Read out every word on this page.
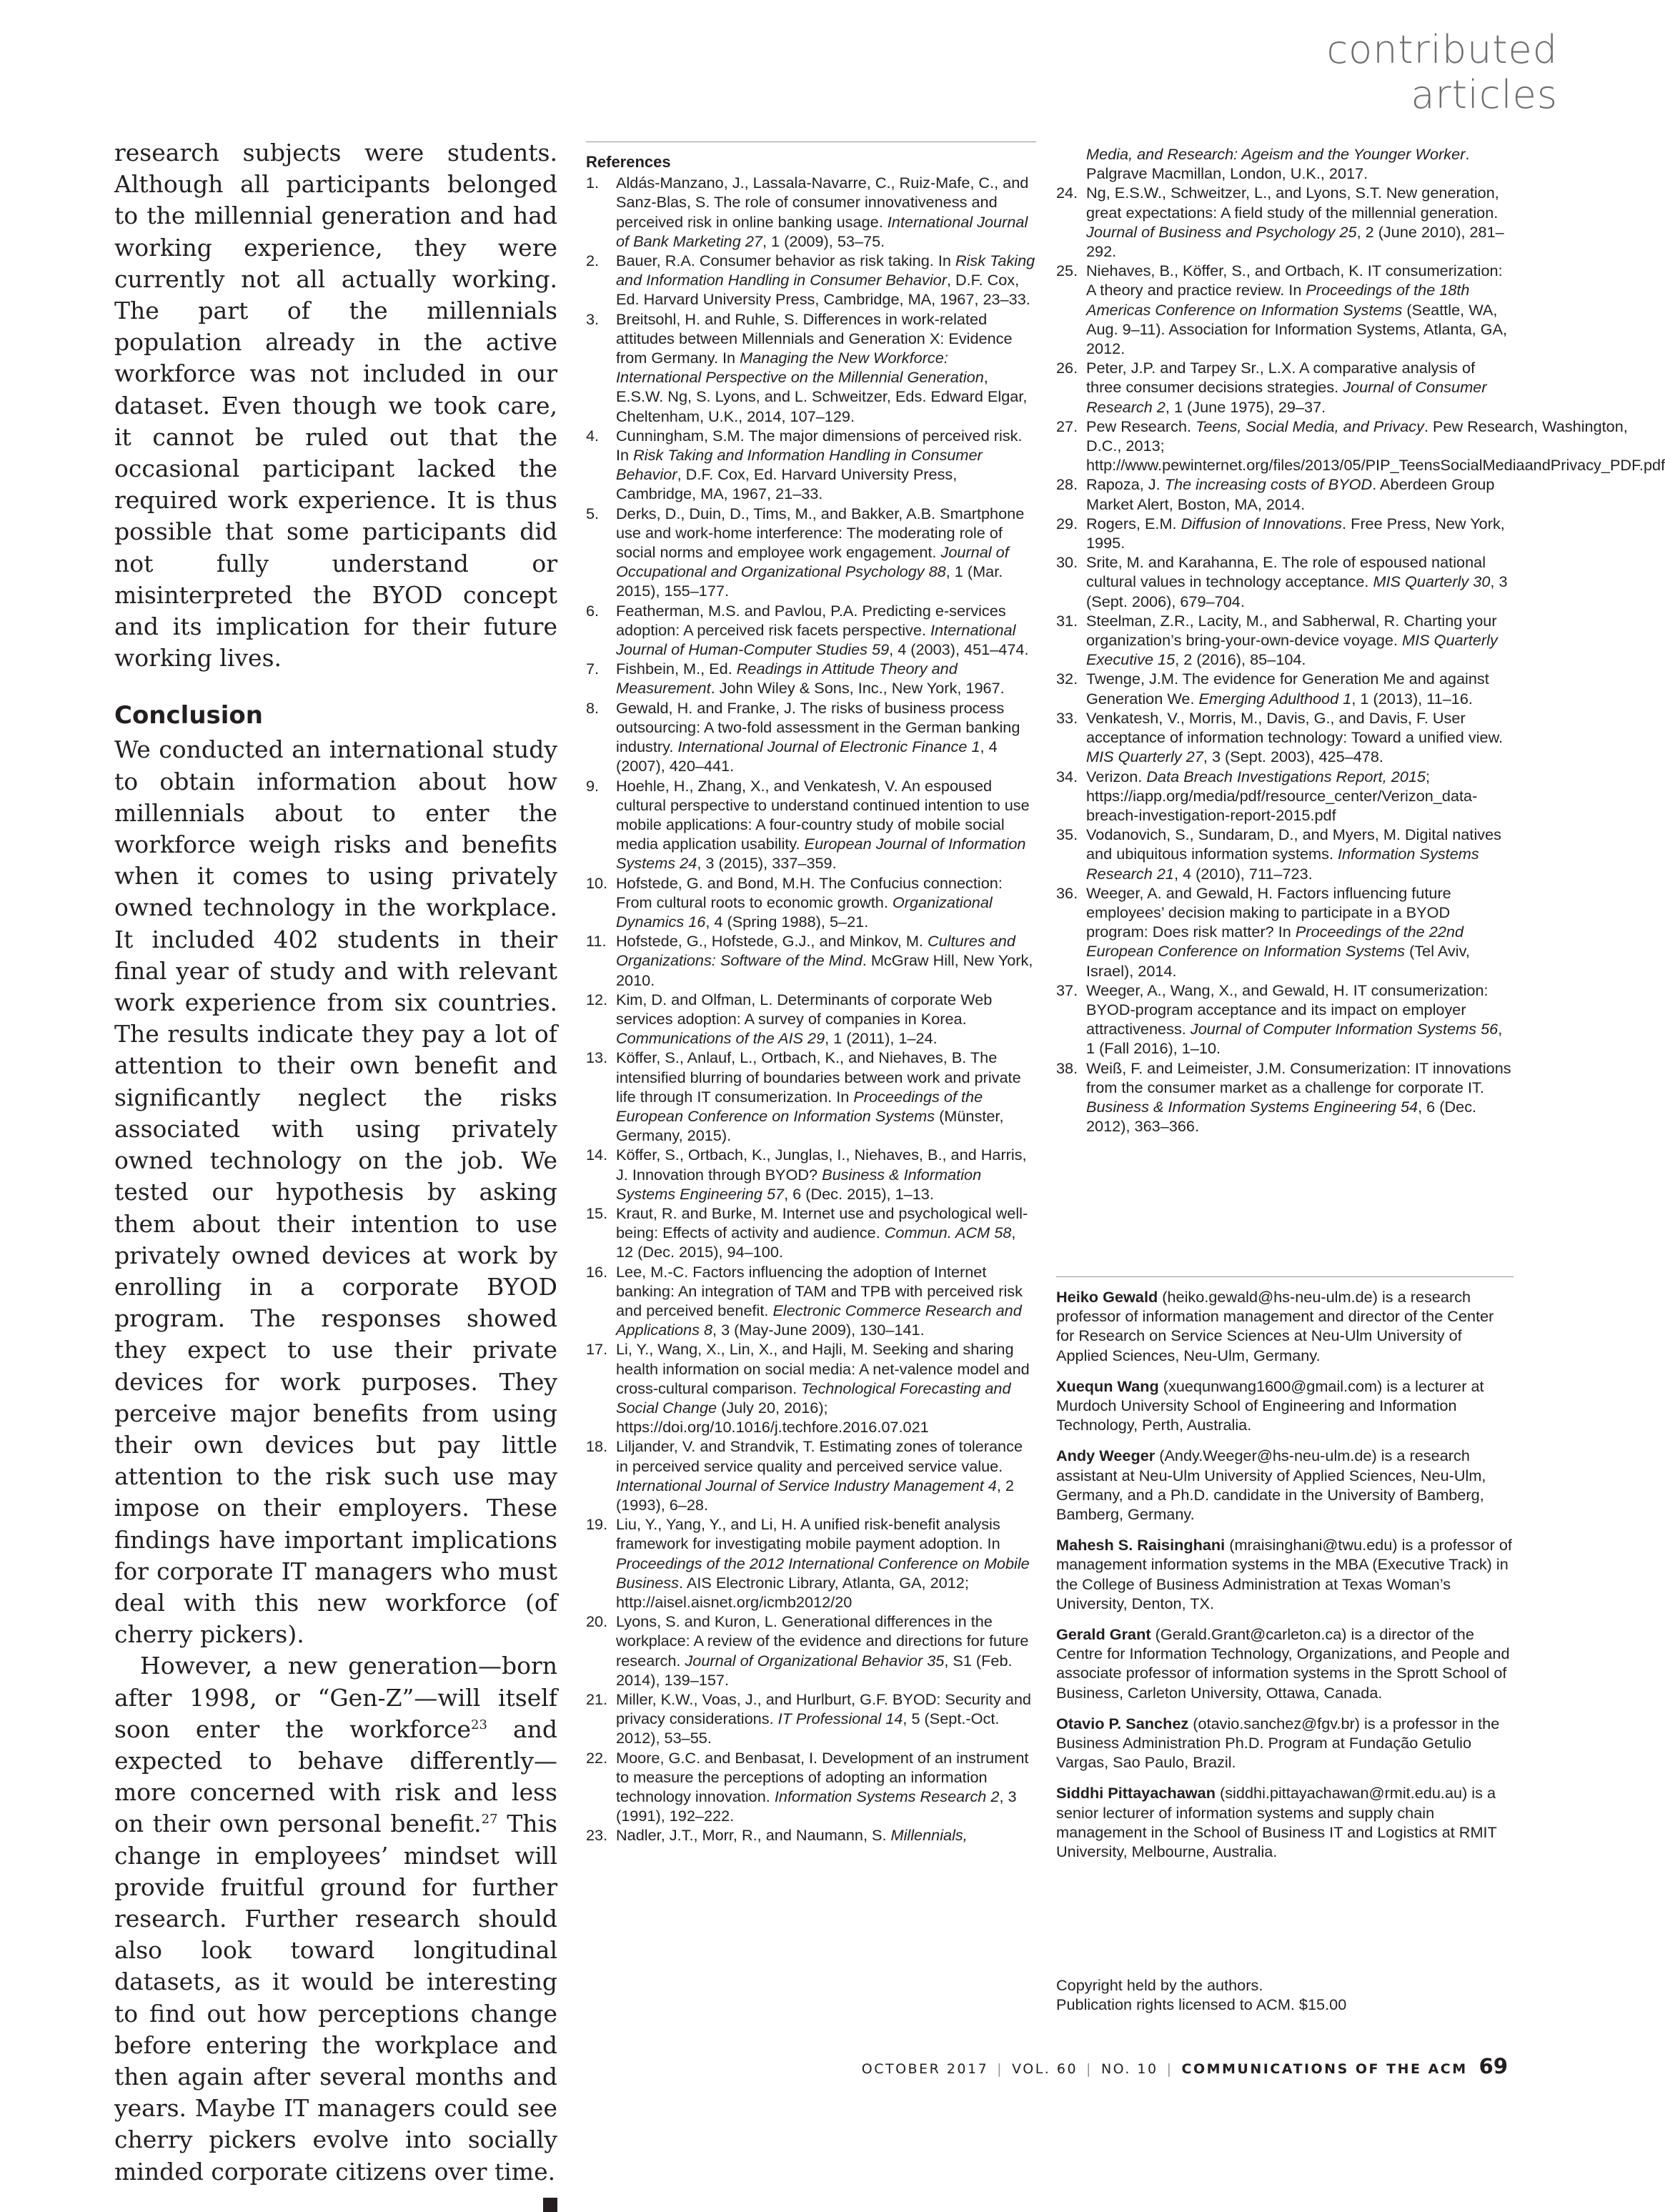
contributed articles

research subjects were students. Although all participants belonged to the millennial generation and had working experience, they were currently not all actually working. The part of the millennials population already in the active workforce was not included in our dataset. Even though we took care, it cannot be ruled out that the occasional participant lacked the required work experience. It is thus possible that some participants did not fully understand or misinterpreted the BYOD concept and its implication for their future working lives.

Conclusion

We conducted an international study to obtain information about how millennials about to enter the workforce weigh risks and benefits when it comes to using privately owned technology in the workplace. It included 402 students in their final year of study and with relevant work experience from six countries. The results indicate they pay a lot of attention to their own benefit and significantly neglect the risks associated with using privately owned technology on the job. We tested our hypothesis by asking them about their intention to use privately owned devices at work by enrolling in a corporate BYOD program. The responses showed they expect to use their private devices for work purposes. They perceive major benefits from using their own devices but pay little attention to the risk such use may impose on their employers. These findings have important implications for corporate IT managers who must deal with this new workforce (of cherry pickers).

However, a new generation—born after 1998, or “Gen-Z”—will itself soon enter the workforce$^{23}$ and expected to behave differently—more concerned with risk and less on their own personal benefit.$^{27}$ This change in employees’ mindset will provide fruitful ground for further research. Further research should also look toward longitudinal datasets, as it would be interesting to find out how perceptions change before entering the workplace and then again after several months and years. Maybe IT managers could see cherry pickers evolve into socially minded corporate citizens over time.
C

References
1.	Aldás-Manzano, J., Lassala-Navarre, C., Ruiz-Mafe, C., and Sanz-Blas, S. The role of consumer innovativeness and perceived risk in online banking usage. International Journal of Bank Marketing 27, 1 (2009), 53–75.
2.	Bauer, R.A. Consumer behavior as risk taking. In Risk Taking and Information Handling in Consumer Behavior, D.F. Cox, Ed. Harvard University Press, Cambridge, MA, 1967, 23–33.
3.	Breitsohl, H. and Ruhle, S. Differences in work-related attitudes between Millennials and Generation X: Evidence from Germany. In Managing the New Workforce: International Perspective on the Millennial Generation, E.S.W. Ng, S. Lyons, and L. Schweitzer, Eds. Edward Elgar, Cheltenham, U.K., 2014, 107–129.
4.	Cunningham, S.M. The major dimensions of perceived risk. In Risk Taking and Information Handling in Consumer Behavior, D.F. Cox, Ed. Harvard University Press, Cambridge, MA, 1967, 21–33.
5.	Derks, D., Duin, D., Tims, M., and Bakker, A.B. Smartphone use and work-home interference: The moderating role of social norms and employee work engagement. Journal of Occupational and Organizational Psychology 88, 1 (Mar. 2015), 155–177.
6.	Featherman, M.S. and Pavlou, P.A. Predicting e-services adoption: A perceived risk facets perspective. International Journal of Human-Computer Studies 59, 4 (2003), 451–474.
7.	Fishbein, M., Ed. Readings in Attitude Theory and Measurement. John Wiley & Sons, Inc., New York, 1967.
8.	Gewald, H. and Franke, J. The risks of business process outsourcing: A two-fold assessment in the German banking industry. International Journal of Electronic Finance 1, 4 (2007), 420–441.
9.	Hoehle, H., Zhang, X., and Venkatesh, V. An espoused cultural perspective to understand continued intention to use mobile applications: A four-country study of mobile social media application usability. European Journal of Information Systems 24, 3 (2015), 337–359.
10. Hofstede, G. and Bond, M.H. The Confucius connection: From cultural roots to economic growth. Organizational Dynamics 16, 4 (Spring 1988), 5–21.
11. Hofstede, G., Hofstede, G.J., and Minkov, M. Cultures and Organizations: Software of the Mind. McGraw Hill, New York, 2010.
12. Kim, D. and Olfman, L. Determinants of corporate Web services adoption: A survey of companies in Korea. Communications of the AIS 29, 1 (2011), 1–24.
13. Köffer, S., Anlauf, L., Ortbach, K., and Niehaves, B. The intensified blurring of boundaries between work and private life through IT consumerization. In Proceedings of the European Conference on Information Systems (Münster, Germany, 2015).
14. Köffer, S., Ortbach, K., Junglas, I., Niehaves, B., and Harris, J. Innovation through BYOD? Business & Information Systems Engineering 57, 6 (Dec. 2015), 1–13.
15. Kraut, R. and Burke, M. Internet use and psychological well-being: Effects of activity and audience. Commun. ACM 58, 12 (Dec. 2015), 94–100.
16. Lee, M.-C. Factors influencing the adoption of Internet banking: An integration of TAM and TPB with perceived risk and perceived benefit. Electronic Commerce Research and Applications 8, 3 (May-June 2009), 130–141.
17. Li, Y., Wang, X., Lin, X., and Hajli, M. Seeking and sharing health information on social media: A net-valence model and cross-cultural comparison. Technological Forecasting and Social Change (July 20, 2016); https://doi.org/10.1016/j.techfore.2016.07.021
18. Liljander, V. and Strandvik, T. Estimating zones of tolerance in perceived service quality and perceived service value. International Journal of Service Industry Management 4, 2 (1993), 6–28.
19. Liu, Y., Yang, Y., and Li, H. A unified risk-benefit analysis framework for investigating mobile payment adoption. In Proceedings of the 2012 International Conference on Mobile Business. AIS Electronic Library, Atlanta, GA, 2012; http://aisel.aisnet.org/icmb2012/20
20. Lyons, S. and Kuron, L. Generational differences in the workplace: A review of the evidence and directions for future research. Journal of Organizational Behavior 35, S1 (Feb. 2014), 139–157.
21. Miller, K.W., Voas, J., and Hurlburt, G.F. BYOD: Security and privacy considerations. IT Professional 14, 5 (Sept.-Oct. 2012), 53–55.
22. Moore, G.C. and Benbasat, I. Development of an instrument to measure the perceptions of adopting an information technology innovation. Information Systems Research 2, 3 (1991), 192–222.
23. Nadler, J.T., Morr, R., and Naumann, S. Millennials,
Media, and Research: Ageism and the Younger Worker. Palgrave Macmillan, London, U.K., 2017.
24. Ng, E.S.W., Schweitzer, L., and Lyons, S.T. New generation, great expectations: A field study of the millennial generation. Journal of Business and Psychology 25, 2 (June 2010), 281–292.
25. Niehaves, B., Köffer, S., and Ortbach, K. IT consumerization: A theory and practice review. In Proceedings of the 18th Americas Conference on Information Systems (Seattle, WA, Aug. 9–11). Association for Information Systems, Atlanta, GA, 2012.
26. Peter, J.P. and Tarpey Sr., L.X. A comparative analysis of three consumer decisions strategies. Journal of Consumer Research 2, 1 (June 1975), 29–37.
27. Pew Research. Teens, Social Media, and Privacy. Pew Research, Washington, D.C., 2013; http://www.pewinternet.org/files/2013/05/PIP_TeensSocialMediaandPrivacy_PDF.pdf
28. Rapoza, J. The increasing costs of BYOD. Aberdeen Group Market Alert, Boston, MA, 2014.
29. Rogers, E.M. Diffusion of Innovations. Free Press, New York, 1995.
30. Srite, M. and Karahanna, E. The role of espoused national cultural values in technology acceptance. MIS Quarterly 30, 3 (Sept. 2006), 679–704.
31. Steelman, Z.R., Lacity, M., and Sabherwal, R. Charting your organization’s bring-your-own-device voyage. MIS Quarterly Executive 15, 2 (2016), 85–104.
32. Twenge, J.M. The evidence for Generation Me and against Generation We. Emerging Adulthood 1, 1 (2013), 11–16.
33. Venkatesh, V., Morris, M., Davis, G., and Davis, F. User acceptance of information technology: Toward a unified view. MIS Quarterly 27, 3 (Sept. 2003), 425–478.
34. Verizon. Data Breach Investigations Report, 2015; https://iapp.org/media/pdf/resource_center/Verizon_data-breach-investigation-report-2015.pdf
35. Vodanovich, S., Sundaram, D., and Myers, M. Digital natives and ubiquitous information systems. Information Systems Research 21, 4 (2010), 711–723.
36. Weeger, A. and Gewald, H. Factors influencing future employees’ decision making to participate in a BYOD program: Does risk matter? In Proceedings of the 22nd European Conference on Information Systems (Tel Aviv, Israel), 2014.
37. Weeger, A., Wang, X., and Gewald, H. IT consumerization: BYOD-program acceptance and its impact on employer attractiveness. Journal of Computer Information Systems 56, 1 (Fall 2016), 1–10.
38. Weiß, F. and Leimeister, J.M. Consumerization: IT innovations from the consumer market as a challenge for corporate IT. Business & Information Systems Engineering 54, 6 (Dec. 2012), 363–366.

Heiko Gewald (heiko.gewald@hs-neu-ulm.de) is a research professor of information management and director of the Center for Research on Service Sciences at Neu-Ulm University of Applied Sciences, Neu-Ulm, Germany.

Xuequn Wang (xuequnwang1600@gmail.com) is a lecturer at Murdoch University School of Engineering and Information Technology, Perth, Australia.

Andy Weeger (Andy.Weeger@hs-neu-ulm.de) is a research assistant at Neu-Ulm University of Applied Sciences, Neu-Ulm, Germany, and a Ph.D. candidate in the University of Bamberg, Bamberg, Germany.

Mahesh S. Raisinghani (mraisinghani@twu.edu) is a professor of management information systems in the MBA (Executive Track) in the College of Business Administration at Texas Woman’s University, Denton, TX.

Gerald Grant (Gerald.Grant@carleton.ca) is a director of the Centre for Information Technology, Organizations, and People and associate professor of information systems in the Sprott School of Business, Carleton University, Ottawa, Canada.

Otavio P. Sanchez (otavio.sanchez@fgv.br) is a professor in the Business Administration Ph.D. Program at Fundação Getulio Vargas, Sao Paulo, Brazil.

Siddhi Pittayachawan (siddhi.pittayachawan@rmit.edu.au) is a senior lecturer of information systems and supply chain management in the School of Business IT and Logistics at RMIT University, Melbourne, Australia.

Copyright held by the authors.
Publication rights licensed to ACM. $15.00
OCTOBER 2017 | VOL. 60 | NO. 10 | COMMUNICATIONS OF THE ACM 69
